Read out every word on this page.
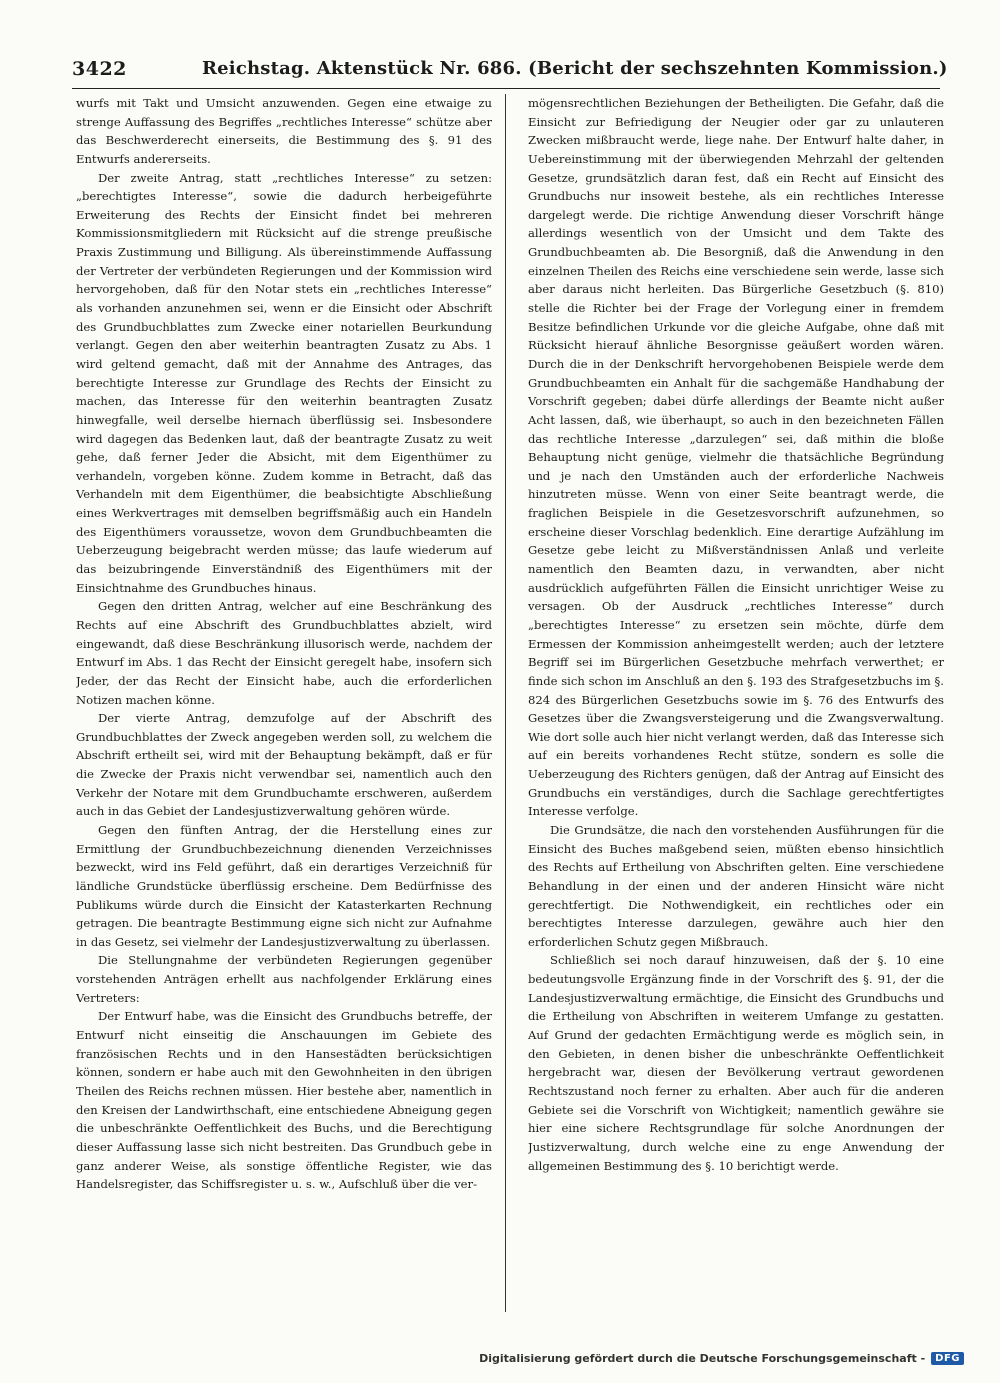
3422	Reichstag. Aktenstück Nr. 686. (Bericht der sechszehnten Kommission.)

wurfs mit Takt und Umsicht anzuwenden. Gegen eine etwaige zu strenge Auffassung des Begriffes „rechtliches Interesse“ schütze aber das Beschwerderecht einerseits, die Bestimmung des §. 91 des Entwurfs andererseits.

Der zweite Antrag, statt „rechtliches Interesse“ zu setzen: „berechtigtes Interesse“, sowie die dadurch herbeigeführte Erweiterung des Rechts der Einsicht findet bei mehreren Kommissionsmitgliedern mit Rücksicht auf die strenge preußische Praxis Zustimmung und Billigung. Als übereinstimmende Auffassung der Vertreter der verbündeten Regierungen und der Kommission wird hervorgehoben, daß für den Notar stets ein „rechtliches Interesse“ als vorhanden anzunehmen sei, wenn er die Einsicht oder Abschrift des Grundbuchblattes zum Zwecke einer notariellen Beurkundung verlangt. Gegen den aber weiterhin beantragten Zusatz zu Abs. 1 wird geltend gemacht, daß mit der Annahme des Antrages, das berechtigte Interesse zur Grundlage des Rechts der Einsicht zu machen, das Interesse für den weiterhin beantragten Zusatz hinwegfalle, weil derselbe hiernach überflüssig sei. Insbesondere wird dagegen das Bedenken laut, daß der beantragte Zusatz zu weit gehe, daß ferner Jeder die Absicht, mit dem Eigenthümer zu verhandeln, vorgeben könne. Zudem komme in Betracht, daß das Verhandeln mit dem Eigenthümer, die beabsichtigte Abschließung eines Werkvertrages mit demselben begriffsmäßig auch ein Handeln des Eigenthümers voraussetze, wovon dem Grundbuchbeamten die Ueberzeugung beigebracht werden müsse; das laufe wiederum auf das beizubringende Einverständniß des Eigenthümers mit der Einsichtnahme des Grundbuches hinaus.

Gegen den dritten Antrag, welcher auf eine Beschränkung des Rechts auf eine Abschrift des Grundbuchblattes abzielt, wird eingewandt, daß diese Beschränkung illusorisch werde, nachdem der Entwurf im Abs. 1 das Recht der Einsicht geregelt habe, insofern sich Jeder, der das Recht der Einsicht habe, auch die erforderlichen Notizen machen könne.

Der vierte Antrag, demzufolge auf der Abschrift des Grundbuchblattes der Zweck angegeben werden soll, zu welchem die Abschrift ertheilt sei, wird mit der Behauptung bekämpft, daß er für die Zwecke der Praxis nicht verwendbar sei, namentlich auch den Verkehr der Notare mit dem Grundbuchamte erschweren, außerdem auch in das Gebiet der Landesjustizverwaltung gehören würde.

Gegen den fünften Antrag, der die Herstellung eines zur Ermittlung der Grundbuchbezeichnung dienenden Verzeichnisses bezweckt, wird ins Feld geführt, daß ein derartiges Verzeichniß für ländliche Grundstücke überflüssig erscheine. Dem Bedürfnisse des Publikums würde durch die Einsicht der Katasterkarten Rechnung getragen. Die beantragte Bestimmung eigne sich nicht zur Aufnahme in das Gesetz, sei vielmehr der Landesjustizverwaltung zu überlassen.

Die Stellungnahme der verbündeten Regierungen gegenüber vorstehenden Anträgen erhellt aus nachfolgender Erklärung eines Vertreters:

Der Entwurf habe, was die Einsicht des Grundbuchs betreffe, der Entwurf nicht einseitig die Anschauungen im Gebiete des französischen Rechts und in den Hansestädten berücksichtigen können, sondern er habe auch mit den Gewohnheiten in den übrigen Theilen des Reichs rechnen müssen. Hier bestehe aber, namentlich in den Kreisen der Landwirthschaft, eine entschiedene Abneigung gegen die unbeschränkte Oeffentlichkeit des Buchs, und die Berechtigung dieser Auffassung lasse sich nicht bestreiten. Das Grundbuch gebe in ganz anderer Weise, als sonstige öffentliche Register, wie das Handelsregister, das Schiffsregister u. s. w., Aufschluß über die ver-

mögensrechtlichen Beziehungen der Betheiligten. Die Gefahr, daß die Einsicht zur Befriedigung der Neugier oder gar zu unlauteren Zwecken mißbraucht werde, liege nahe. Der Entwurf halte daher, in Uebereinstimmung mit der überwiegenden Mehrzahl der geltenden Gesetze, grundsätzlich daran fest, daß ein Recht auf Einsicht des Grundbuchs nur insoweit bestehe, als ein rechtliches Interesse dargelegt werde. Die richtige Anwendung dieser Vorschrift hänge allerdings wesentlich von der Umsicht und dem Takte des Grundbuchbeamten ab. Die Besorgniß, daß die Anwendung in den einzelnen Theilen des Reichs eine verschiedene sein werde, lasse sich aber daraus nicht herleiten. Das Bürgerliche Gesetzbuch (§. 810) stelle die Richter bei der Frage der Vorlegung einer in fremdem Besitze befindlichen Urkunde vor die gleiche Aufgabe, ohne daß mit Rücksicht hierauf ähnliche Besorgnisse geäußert worden wären. Durch die in der Denkschrift hervorgehobenen Beispiele werde dem Grundbuchbeamten ein Anhalt für die sachgemäße Handhabung der Vorschrift gegeben; dabei dürfe allerdings der Beamte nicht außer Acht lassen, daß, wie überhaupt, so auch in den bezeichneten Fällen das rechtliche Interesse „darzulegen“ sei, daß mithin die bloße Behauptung nicht genüge, vielmehr die thatsächliche Begründung und je nach den Umständen auch der erforderliche Nachweis hinzutreten müsse. Wenn von einer Seite beantragt werde, die fraglichen Beispiele in die Gesetzesvorschrift aufzunehmen, so erscheine dieser Vorschlag bedenklich. Eine derartige Aufzählung im Gesetze gebe leicht zu Mißverständnissen Anlaß und verleite namentlich den Beamten dazu, in verwandten, aber nicht ausdrücklich aufgeführten Fällen die Einsicht unrichtiger Weise zu versagen. Ob der Ausdruck „rechtliches Interesse“ durch „berechtigtes Interesse“ zu ersetzen sein möchte, dürfe dem Ermessen der Kommission anheimgestellt werden; auch der letztere Begriff sei im Bürgerlichen Gesetzbuche mehrfach verwerthet; er finde sich schon im Anschluß an den §. 193 des Strafgesetzbuchs im §. 824 des Bürgerlichen Gesetzbuchs sowie im §. 76 des Entwurfs des Gesetzes über die Zwangsversteigerung und die Zwangsverwaltung. Wie dort solle auch hier nicht verlangt werden, daß das Interesse sich auf ein bereits vorhandenes Recht stütze, sondern es solle die Ueberzeugung des Richters genügen, daß der Antrag auf Einsicht des Grundbuchs ein verständiges, durch die Sachlage gerechtfertigtes Interesse verfolge.

Die Grundsätze, die nach den vorstehenden Ausführungen für die Einsicht des Buches maßgebend seien, müßten ebenso hinsichtlich des Rechts auf Ertheilung von Abschriften gelten. Eine verschiedene Behandlung in der einen und der anderen Hinsicht wäre nicht gerechtfertigt. Die Nothwendigkeit, ein rechtliches oder ein berechtigtes Interesse darzulegen, gewähre auch hier den erforderlichen Schutz gegen Mißbrauch.

Schließlich sei noch darauf hinzuweisen, daß der §. 10 eine bedeutungsvolle Ergänzung finde in der Vorschrift des §. 91, der die Landesjustizverwaltung ermächtige, die Einsicht des Grundbuchs und die Ertheilung von Abschriften in weiterem Umfange zu gestatten. Auf Grund der gedachten Ermächtigung werde es möglich sein, in den Gebieten, in denen bisher die unbeschränkte Oeffentlichkeit hergebracht war, diesen der Bevölkerung vertraut gewordenen Rechtszustand noch ferner zu erhalten. Aber auch für die anderen Gebiete sei die Vorschrift von Wichtigkeit; namentlich gewähre sie hier eine sichere Rechtsgrundlage für solche Anordnungen der Justizverwaltung, durch welche eine zu enge Anwendung der allgemeinen Bestimmung des §. 10 berichtigt werde.

Digitalisierung gefördert durch die Deutsche Forschungsgemeinschaft -	DFG
